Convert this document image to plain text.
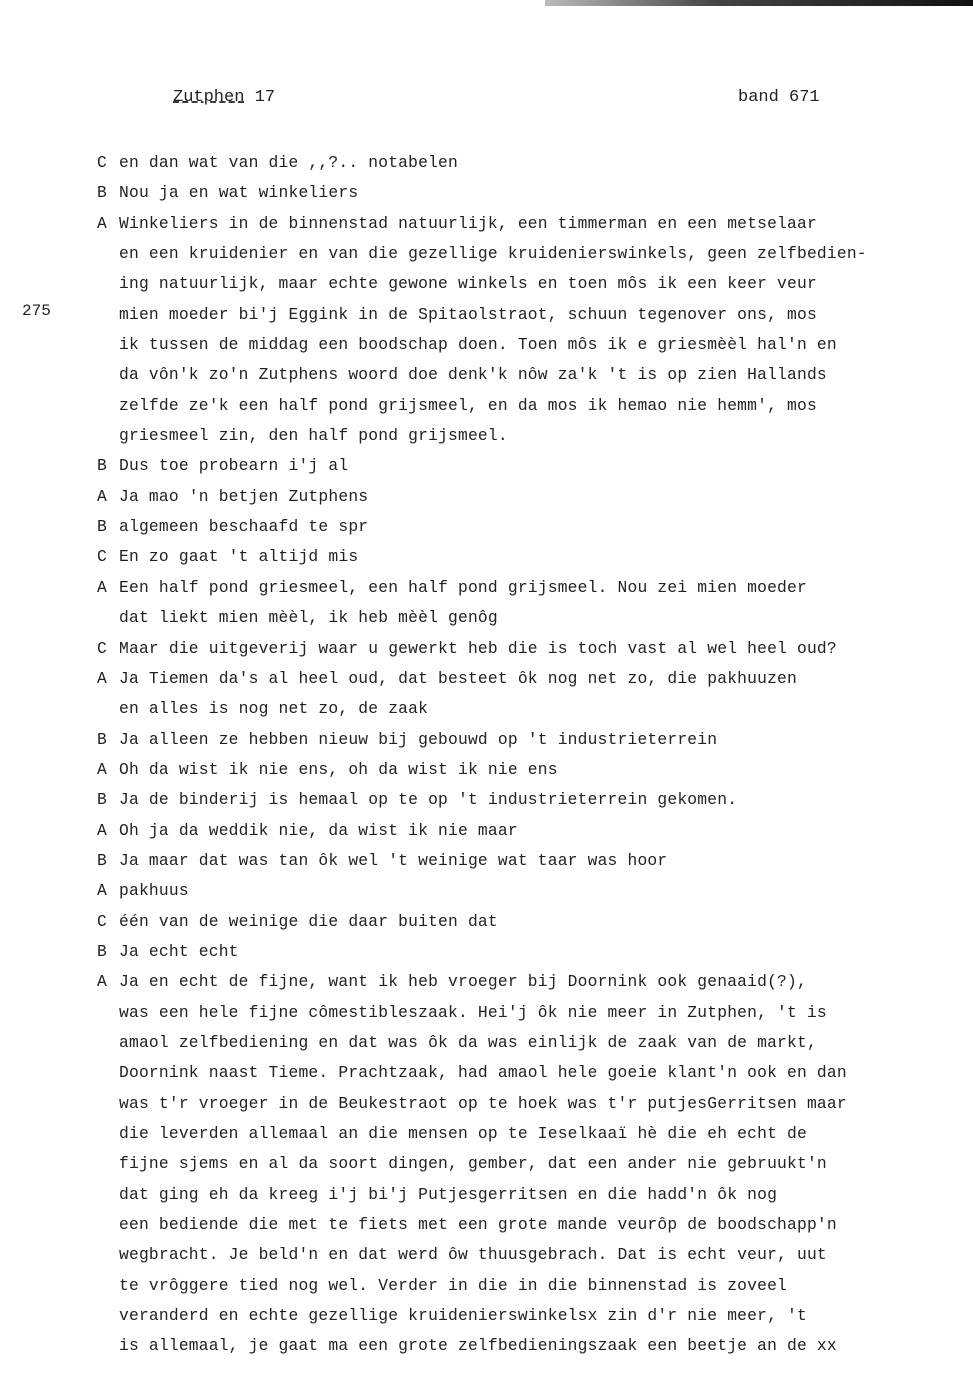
Zutphen 17	band 671
275
C en dan wat van die ,,?.. notabelen
B Nou ja en wat winkeliers
A Winkeliers in de binnenstad natuurlijk, een timmerman en een metselaar
en een kruidenier en van die gezellige kruidenierswinkels, geen zelfbedien-
ing natuurlijk, maar echte gewone winkels en toen môs ik een keer veur
mien moeder bi'j Eggink in de Spitaolstraot, schuun tegenover ons, mos
ik tussen de middag een boodschap doen. Toen môs ik e griesmèèl hal'n en
da vôn'k zo'n Zutphens woord doe denk'k nôw za'k 't is op zien Hallands
zelfde ze'k een half pond grijsmeel, en da mos ik hemao nie hemm', mos
griesmeel zin, den half pond grijsmeel.
B Dus toe probearn i'j al
A Ja mao 'n betjen Zutphens
B algemeen beschaafd te spr
C En zo gaat 't altijd mis
A Een half pond griesmeel, een half pond grijsmeel. Nou zei mien moeder
dat liekt mien mèèl, ik heb mèèl genôg
C Maar die uitgeverij waar u gewerkt heb die is toch vast al wel heel oud?
A Ja Tiemen da's al heel oud, dat besteet ôk nog net zo, die pakhuuzen
en alles is nog net zo, de zaak
B Ja alleen ze hebben nieuw bij gebouwd op 't industrieterrein
A Oh da wist ik nie ens, oh da wist ik nie ens
B Ja de binderij is hemaal op te op 't industrieterrein gekomen.
A Oh ja da weddik nie, da wist ik nie maar
B Ja maar dat was tan ôk wel 't weinige wat taar was hoor
A pakhuus
C één van de weinige die daar buiten dat
B Ja echt echt
A Ja en echt de fijne, want ik heb vroeger bij Doornink ook genaaid(?),
was een hele fijne cômestibleszaak. Hei'j ôk nie meer in Zutphen, 't is
amaol zelfbediening en dat was ôk da was einlijk de zaak van de markt,
Doornink naast Tieme. Prachtzaak, had amaol hele goeie klant'n ook en dan
was t'r vroeger in de Beukestraot op te hoek was t'r putjesGerritsen maar
die leverden allemaal an die mensen op te Ieselkaaï hè die eh echt de
fijne sjems en al da soort dingen, gember, dat een ander nie gebruukt'n
dat ging eh da kreeg i'j bi'j Putjesgerritsen en die hadd'n ôk nog
een bediende die met te fiets met een grote mande veurôp de boodschapp'n
wegbracht. Je beld'n en dat werd ôw thuusgebrach. Dat is echt veur, uut
te vrôggere tied nog wel. Verder in die in die binnenstad is zoveel
veranderd en echte gezellige kruidenierswinkelsx zin d'r nie meer, 't
is allemaal, je gaat ma een grote zelfbedieningszaak een beetje an de xx
